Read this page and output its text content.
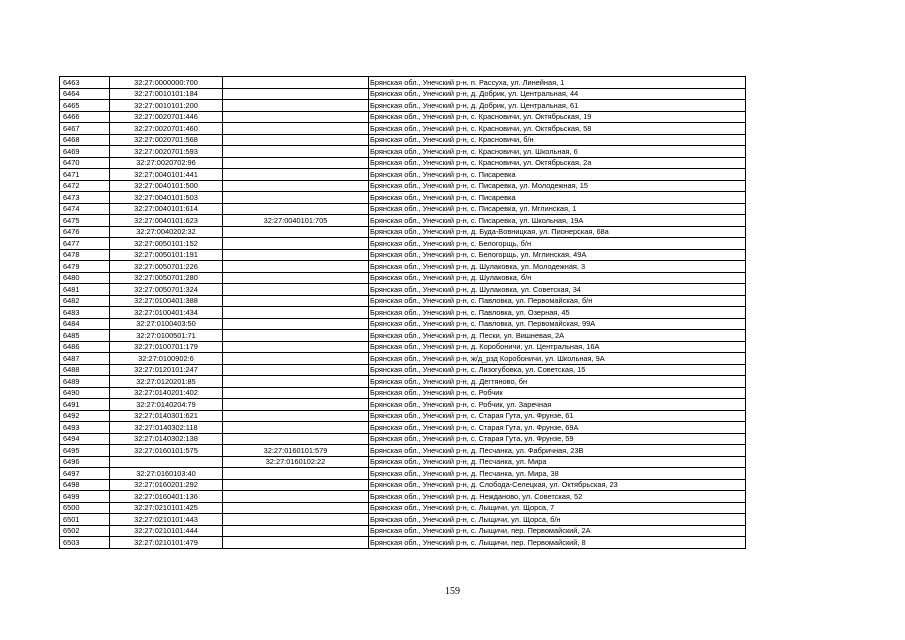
6463	32:27:0000000:700		Брянская обл., Унечский р-н, п. Рассуха, ул. Линейная, 1
6464	32:27:0010101:184		Брянская обл., Унечский р-н, д. Добрик, ул. Центральная, 44
6465	32:27:0010101:200		Брянская обл., Унечский р-н, д. Добрик, ул. Центральная, 61
6466	32:27:0020701:446		Брянская обл., Унечский р-н, с. Красновичи, ул. Октябрьская, 19
6467	32:27:0020701:460		Брянская обл., Унечский р-н, с. Красновичи, ул. Октябрьская, 58
6468	32:27:0020701:568		Брянская обл., Унечский р-н, с. Красновичи, б/н
6469	32:27:0020701:593		Брянская обл., Унечский р-н, с. Красновичи, ул. Школьная, 6
6470	32:27:0020702:96		Брянская обл., Унечский р-н, с. Красновичи, ул. Октябрьская, 2а
6471	32:27:0040101:441		Брянская обл., Унечский р-н, с. Писаревка
6472	32:27:0040101:500		Брянская обл., Унечский р-н, с. Писаревка, ул. Молодежная, 15
6473	32:27:0040101:503		Брянская обл., Унечский р-н, с. Писаревка
6474	32:27:0040101:614		Брянская обл., Унечский р-н, с. Писаревка, ул. Мглинская, 1
6475	32:27:0040101:623	32:27:0040101:705	Брянская обл., Унечский р-н, с. Писаревка, ул. Школьная, 19А
6476	32:27:0040202:32		Брянская обл., Унечский р-н, д. Буда-Вовницкая, ул. Пионерская, 68а
6477	32:27:0050101:152		Брянская обл., Унечский р-н, с. Белогорщь, б/н
6478	32:27:0050101:191		Брянская обл., Унечский р-н, с. Белогорщь, ул. Мглинская, 49А
6479	32:27:0050701:226		Брянская обл., Унечский р-н, д. Шулаковка, ул. Молодежная, 3
6480	32:27:0050701:280		Брянская обл., Унечский р-н, д. Шулаковка, б/н
6481	32:27:0050701:324		Брянская обл., Унечский р-н, д. Шулаковка, ул. Советская, 34
6482	32:27:0100401:388		Брянская обл., Унечский р-н, с. Павловка, ул. Первомайская, б/н
6483	32:27:0100401:434		Брянская обл., Унечский р-н, с. Павловка, ул. Озерная, 45
6484	32:27:0100403:50		Брянская обл., Унечский р-н, с. Павловка, ул. Первомайская, 99А
6485	32:27:0100501:71		Брянская обл., Унечский р-н, д. Пески, ул. Вишневая, 2А
6486	32:27:0100701:179		Брянская обл., Унечский р-н, д. Коробоничи, ул. Центральная, 16А
6487	32:27:0100902:6		Брянская обл., Унечский р-н, ж/д_рзд Коробоничи, ул. Школьная, 9А
6488	32:27:0120101:247		Брянская обл., Унечский р-н, с. Лизогубовка, ул. Советская, 15
6489	32:27:0120201:85		Брянская обл., Унечский р-н, д. Дегтяново, бн
6490	32:27:0140201:402		Брянская обл., Унечский р-н, с. Робчик
6491	32:27:0140204:79		Брянская обл., Унечский р-н, с. Робчик, ул. Заречная
6492	32:27:0140301:621		Брянская обл., Унечский р-н, с. Старая Гута, ул. Фрунзе, 61
6493	32:27:0140302:118		Брянская обл., Унечский р-н, с. Старая Гута, ул. Фрунзе, 69А
6494	32:27:0140302:138		Брянская обл., Унечский р-н, с. Старая Гута, ул. Фрунзе, 59
6495	32:27:0160101:575	32:27:0160101:579	Брянская обл., Унечский р-н, д. Песчанка, ул. Фабричная, 23В
6496		32:27:0160102:22	Брянская обл., Унечский р-н, д. Песчанка, ул. Мира
6497	32:27:0160103:40		Брянская обл., Унечский р-н, д. Песчанка, ул. Мира, 38
6498	32:27:0160201:292		Брянская обл., Унечский р-н, д. Слобода-Селецкая, ул. Октябрьская, 23
6499	32:27:0160401:136		Брянская обл., Унечский р-н, д. Нежданово, ул. Советская, 52
6500	32:27:0210101:425		Брянская обл., Унечский р-н, с. Лыщичи, ул. Щорса, 7
6501	32:27:0210101:443		Брянская обл., Унечский р-н, с. Лыщичи, ул. Щорса, б/н
6502	32:27:0210101:444		Брянская обл., Унечский р-н, с. Лыщичи, пер. Первомайский, 2А
6503	32:27:0210101:479		Брянская обл., Унечский р-н, с. Лыщичи, пер. Первомайский, 8
159
